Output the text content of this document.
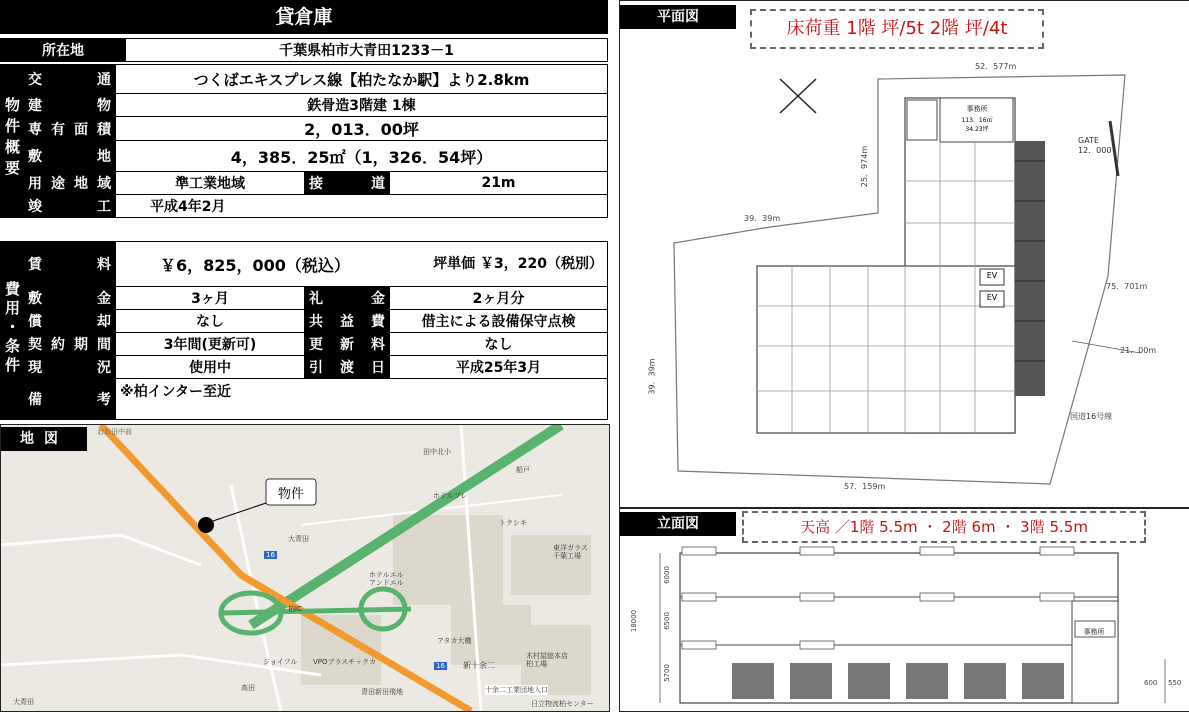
貸倉庫
所在地	千葉県柏市大青田1233－1
物件概要	交通	つくばエキスプレス線【柏たなか駅】より2.8km		
	建物	鉄骨造3階建 1棟		
	専有面積	2，013．00坪		
	敷地	4，385．25㎡（1，326．54坪）		
	用途地域	準工業地域	接道	21m
	竣工	平成4年2月		
費用・条件	賃料	￥6，825，000（税込） 坪単価 ￥3，220（税別）		

	敷金	3ヶ月	礼金	2ヶ月分
	償却	なし	共益費	借主による設備保守点検
	契約期間	3年間(更新可)	更新料	なし
	現況	使用中	引渡日	平成25年3月
	備考	※柏インター至近		

地図
物件
おお田中前
田中北小
ホテルプレ
大青田
ホテルエル
アンドエル
柏IC
新十余二
船戸
トクシキ
東洋ガラス
千葉工場
アタカ大機
木村屋総本店
柏工場
十余二工業団地入口
日立物流柏センター
青田新田飛地
高田
大青田
ジョイフル VPOブラスチックカ
16
16
平面図
床荷重 1階 坪/5t 2階 坪/4t
52．577m
25．974m
39．39m
39．39m
75．701m
21．00m
57．159m
GATE
12．000
事務所
113．16㎡
34.23坪
EV
EV
国道16号線
立面図	天高 ／1階 5.5m ・ 2階 6m ・ 3階 5.5m
事務所
6000
6500
18000
5700
600 550
